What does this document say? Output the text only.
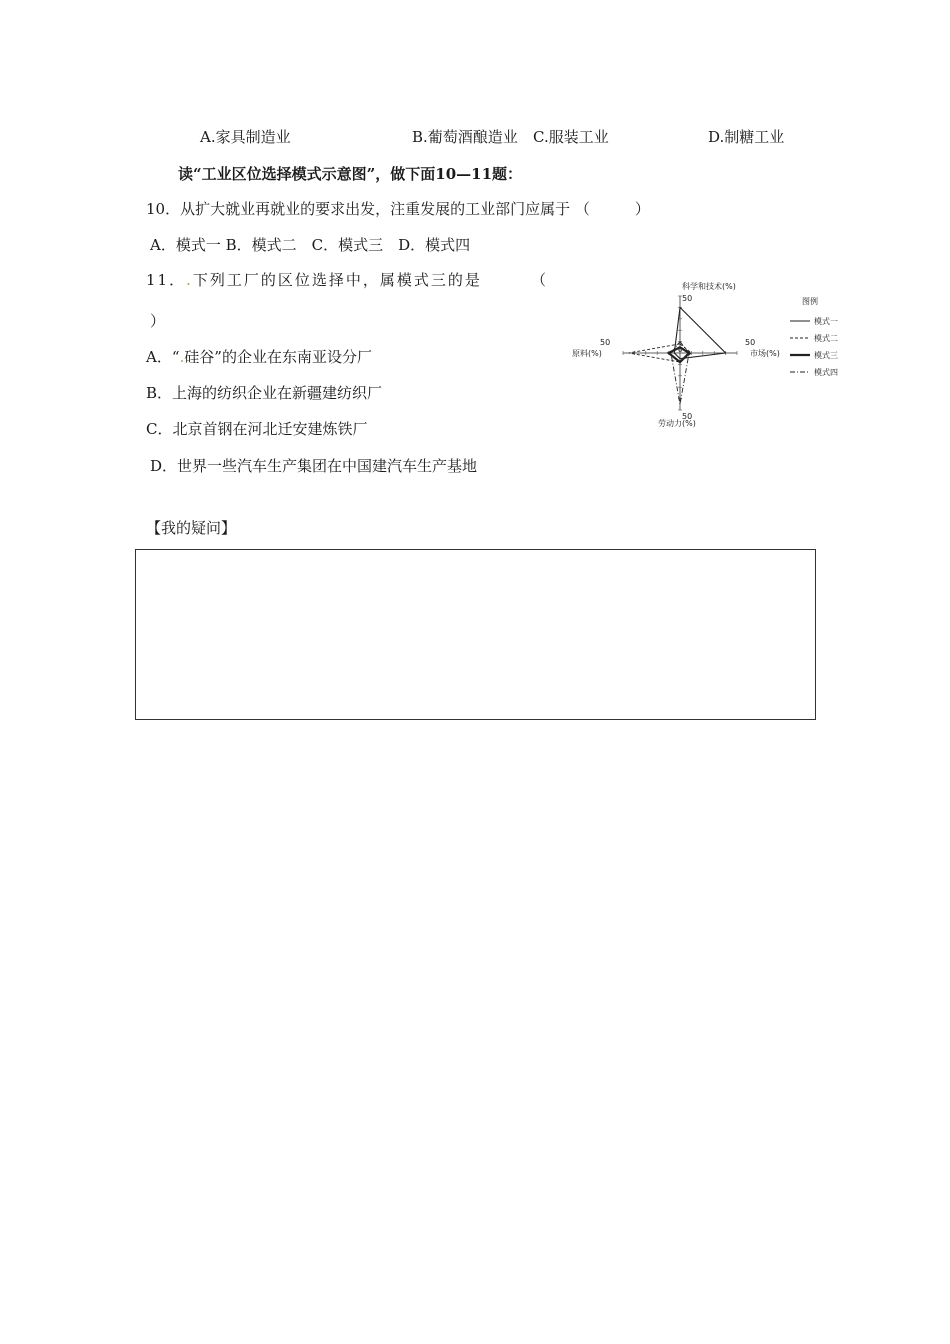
A.家具制造业	B.葡萄酒酿造业 C.服装工业	D.制糖工业
读“工业区位选择模式示意图”，做下面10—11题：
10．从扩大就业再就业的要求出发，注重发展的工业部门应属于 （　　　）
A．模式一 B．模式二　C．模式三　D．模式四
11．.下列工厂的区位选择中，属模式三的是	（
）
A．“.硅谷”的企业在东南亚设分厂
B．上海的纺织企业在新疆建纺织厂
C．北京首钢在河北迁安建炼铁厂
D．世界一些汽车生产集团在中国建汽车生产基地
科学和技术(%)
市场(%)
劳动力(%)
原料(%)
50
50
50
50
0
图例
模式一
模式二
模式三
模式四
【我的疑问】
